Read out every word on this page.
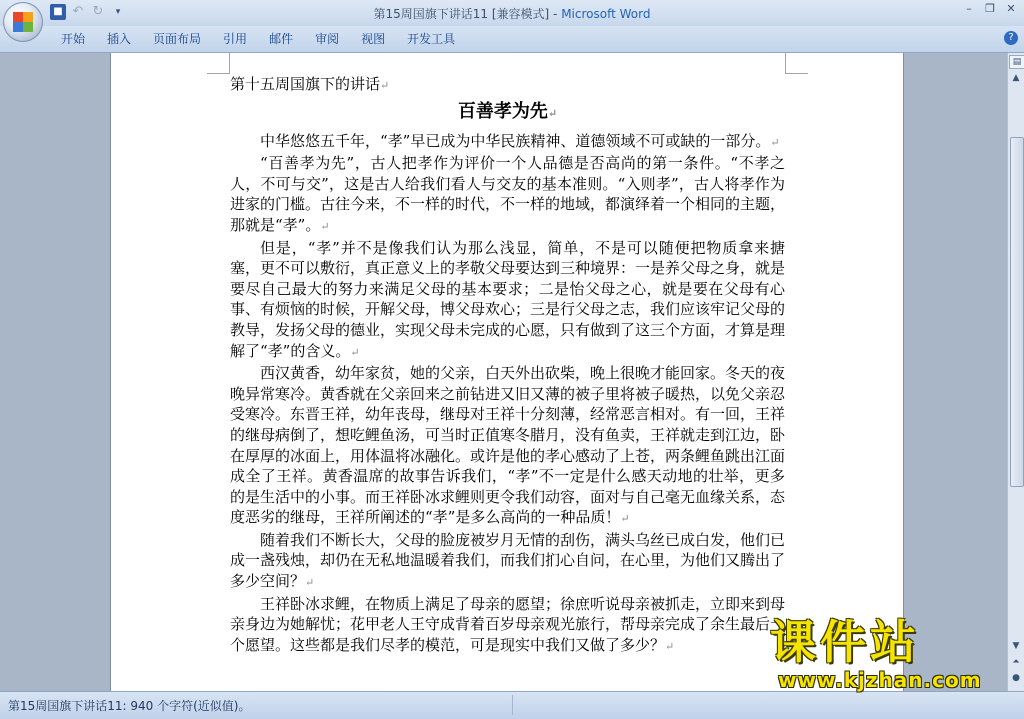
■ ↶ ↻	▾	第15周国旗下讲话11 [兼容模式] - Microsoft Word	–	❐	✕
开始	插入	页面布局	引用	邮件	审阅	视图	开发工具	?
第十五周国旗下的讲话↵
百善孝为先↵

中华悠悠五千年，“孝”早已成为中华民族精神、道德领域不可或缺的一部分。↵

“百善孝为先”，古人把孝作为评价一个人品德是否高尚的第一条件。“不孝之人，不可与交”，这是古人给我们看人与交友的基本准则。“入则孝”，古人将孝作为进家的门槛。古往今来，不一样的时代，不一样的地域，都演绎着一个相同的主题，那就是“孝”。↵

但是，“孝”并不是像我们认为那么浅显，简单，不是可以随便把物质拿来搪塞，更不可以敷衍，真正意义上的孝敬父母要达到三种境界：一是养父母之身，就是要尽自己最大的努力来满足父母的基本要求；二是怡父母之心，就是要在父母有心事、有烦恼的时候，开解父母，博父母欢心；三是行父母之志，我们应该牢记父母的教导，发扬父母的德业，实现父母未完成的心愿，只有做到了这三个方面，才算是理解了“孝”的含义。↵

西汉黄香，幼年家贫，她的父亲，白天外出砍柴，晚上很晚才能回家。冬天的夜晚异常寒冷。黄香就在父亲回来之前钻进又旧又薄的被子里将被子暖热，以免父亲忍受寒冷。东晋王祥，幼年丧母，继母对王祥十分刻薄，经常恶言相对。有一回，王祥的继母病倒了，想吃鲤鱼汤，可当时正值寒冬腊月，没有鱼卖，王祥就走到江边，卧在厚厚的冰面上，用体温将冰融化。或许是他的孝心感动了上苍，两条鲤鱼跳出江面成全了王祥。黄香温席的故事告诉我们，“孝”不一定是什么感天动地的壮举，更多的是生活中的小事。而王祥卧冰求鲤则更令我们动容，面对与自己毫无血缘关系，态度恶劣的继母，王祥所阐述的“孝”是多么高尚的一种品质！↵

随着我们不断长大，父母的脸庞被岁月无情的刮伤，满头乌丝已成白发，他们已成一盏残烛，却仍在无私地温暖着我们，而我们扪心自问，在心里，为他们又腾出了多少空间？↵

王祥卧冰求鲤，在物质上满足了母亲的愿望；徐庶听说母亲被抓走，立即来到母亲身边为她解忧；花甲老人王守成背着百岁母亲观光旅行，帮母亲完成了余生最后一个愿望。这些都是我们尽孝的模范，可是现实中我们又做了多少？↵

▤
▲
▼
⏶
●
第15周国旗下讲话11: 940 个字符(近似值)。
课件站
www.kjzhan.com
